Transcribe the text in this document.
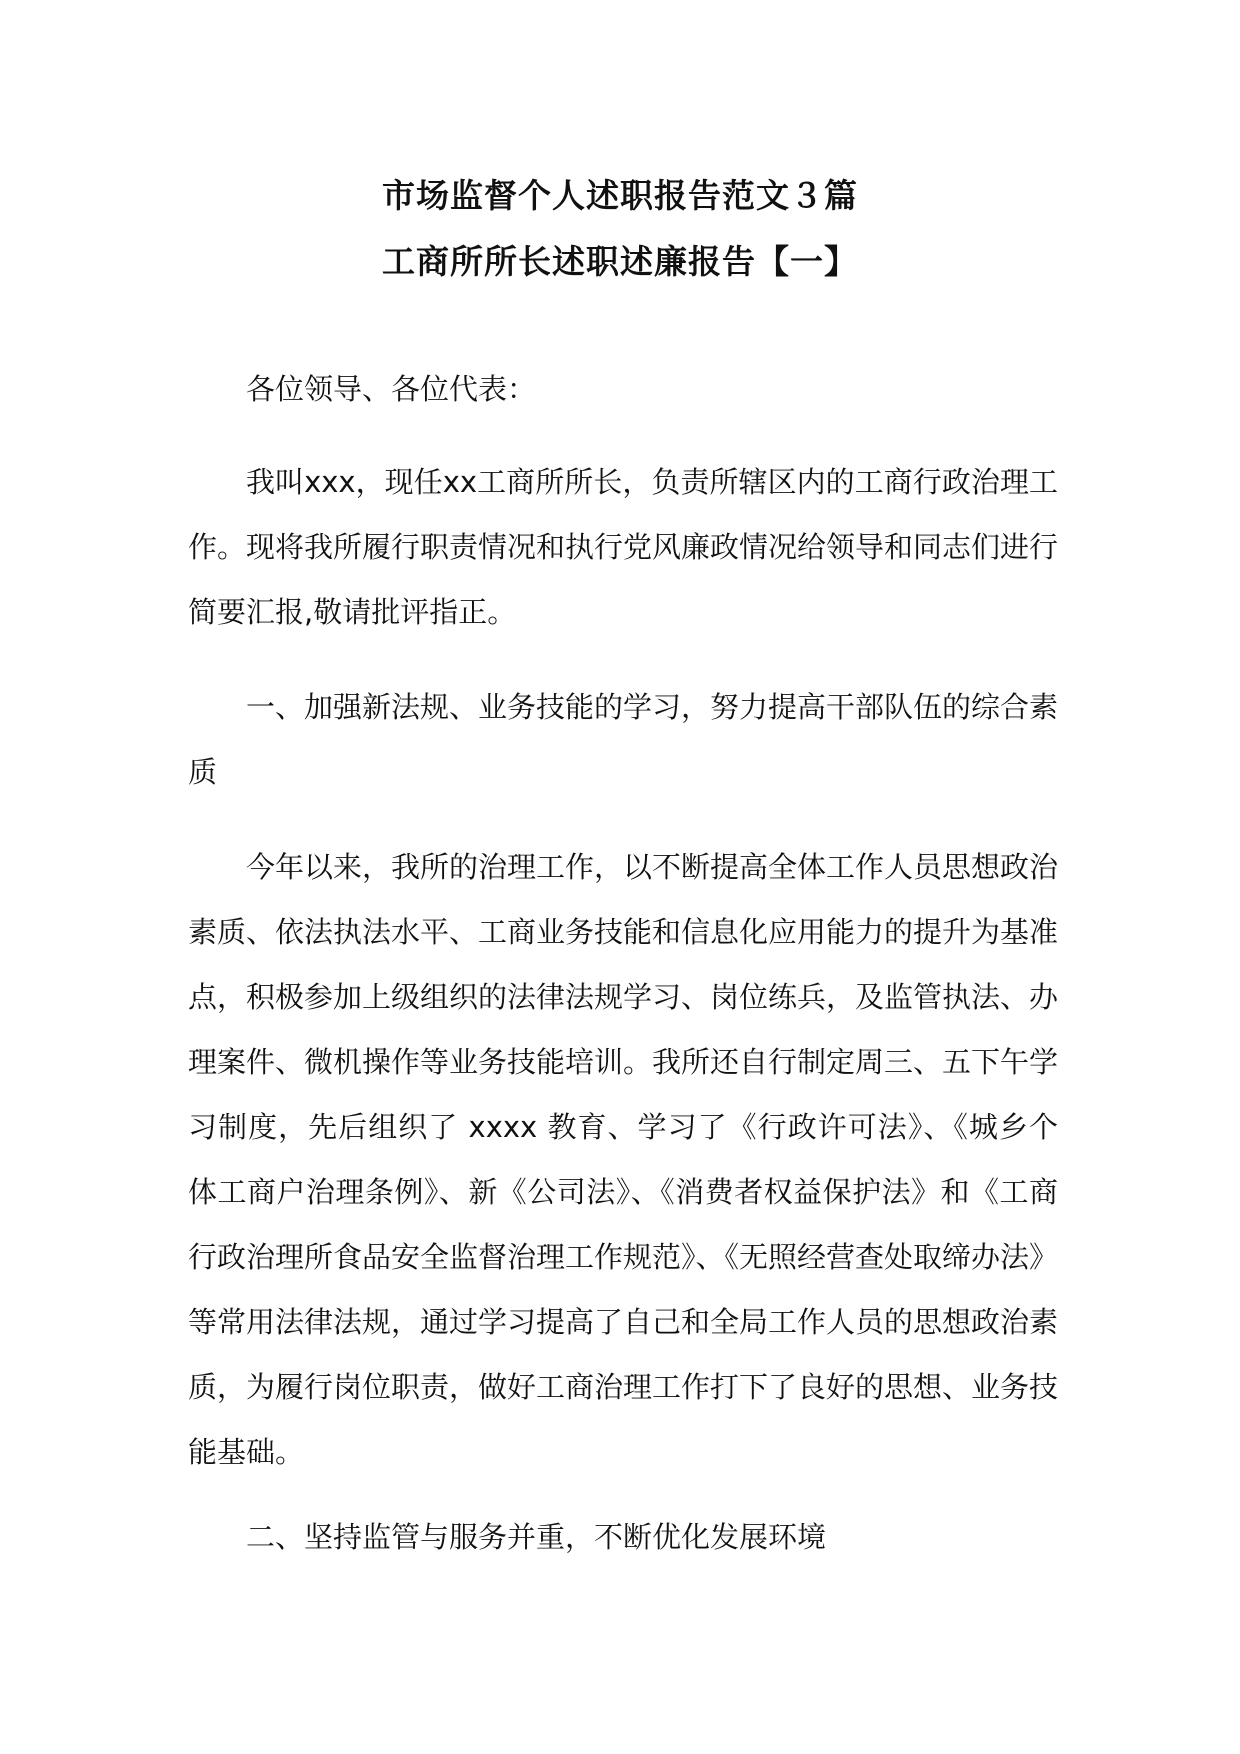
市场监督个人述职报告范文３篇
工商所所长述职述廉报告【一】

各位领导、各位代表：

我叫xxx，现任xx工商所所长，负责所辖区内的工商行政治理工作。现将我所履行职责情况和执行党风廉政情况给领导和同志们进行简要汇报,敬请批评指正。

一、加强新法规、业务技能的学习，努力提高干部队伍的综合素质

今年以来，我所的治理工作，以不断提高全体工作人员思想政治素质、依法执法水平、工商业务技能和信息化应用能力的提升为基准点，积极参加上级组织的法律法规学习、岗位练兵，及监管执法、办理案件、微机操作等业务技能培训。我所还自行制定周三、五下午学习制度，先后组织了 xxxx 教育、学习了《行政许可法》、《城乡个体工商户治理条例》、新《公司法》、《消费者权益保护法》和《工商行政治理所食品安全监督治理工作规范》、《无照经营查处取缔办法》等常用法律法规，通过学习提高了自己和全局工作人员的思想政治素质，为履行岗位职责，做好工商治理工作打下了良好的思想、业务技能基础。

二、坚持监管与服务并重，不断优化发展环境
